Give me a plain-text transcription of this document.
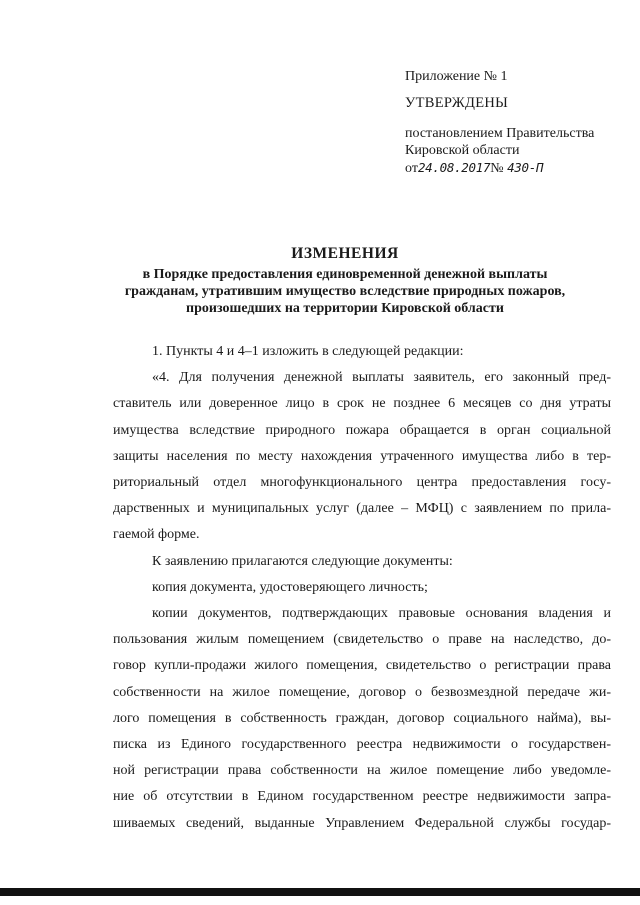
Приложение № 1
УТВЕРЖДЕНЫ
постановлением Правительства
Кировской области
от24.08.2017№ 430-П
ИЗМЕНЕНИЯ
в Порядке предоставления единовременной денежной выплаты
гражданам, утратившим имущество вследствие природных пожаров,
произошедших на территории Кировской области

1. Пункты 4 и 4–1 изложить в следующей редакции:

«4. Для получения денежной выплаты заявитель, его законный пред-

ставитель или доверенное лицо в срок не позднее 6 месяцев со дня утраты

имущества вследствие природного пожара обращается в орган социальной

защиты населения по месту нахождения утраченного имущества либо в тер-

риториальный отдел многофункционального центра предоставления госу-

дарственных и муниципальных услуг (далее – МФЦ) с заявлением по прила-

гаемой форме.

К заявлению прилагаются следующие документы:

копия документа, удостоверяющего личность;

копии документов, подтверждающих правовые основания владения и

пользования жилым помещением (свидетельство о праве на наследство, до-

говор купли-продажи жилого помещения, свидетельство о регистрации права

собственности на жилое помещение, договор о безвозмездной передаче жи-

лого помещения в собственность граждан, договор социального найма), вы-

писка из Единого государственного реестра недвижимости о государствен-

ной регистрации права собственности на жилое помещение либо уведомле-

ние об отсутствии в Едином государственном реестре недвижимости запра-

шиваемых сведений, выданные Управлением Федеральной службы государ-
